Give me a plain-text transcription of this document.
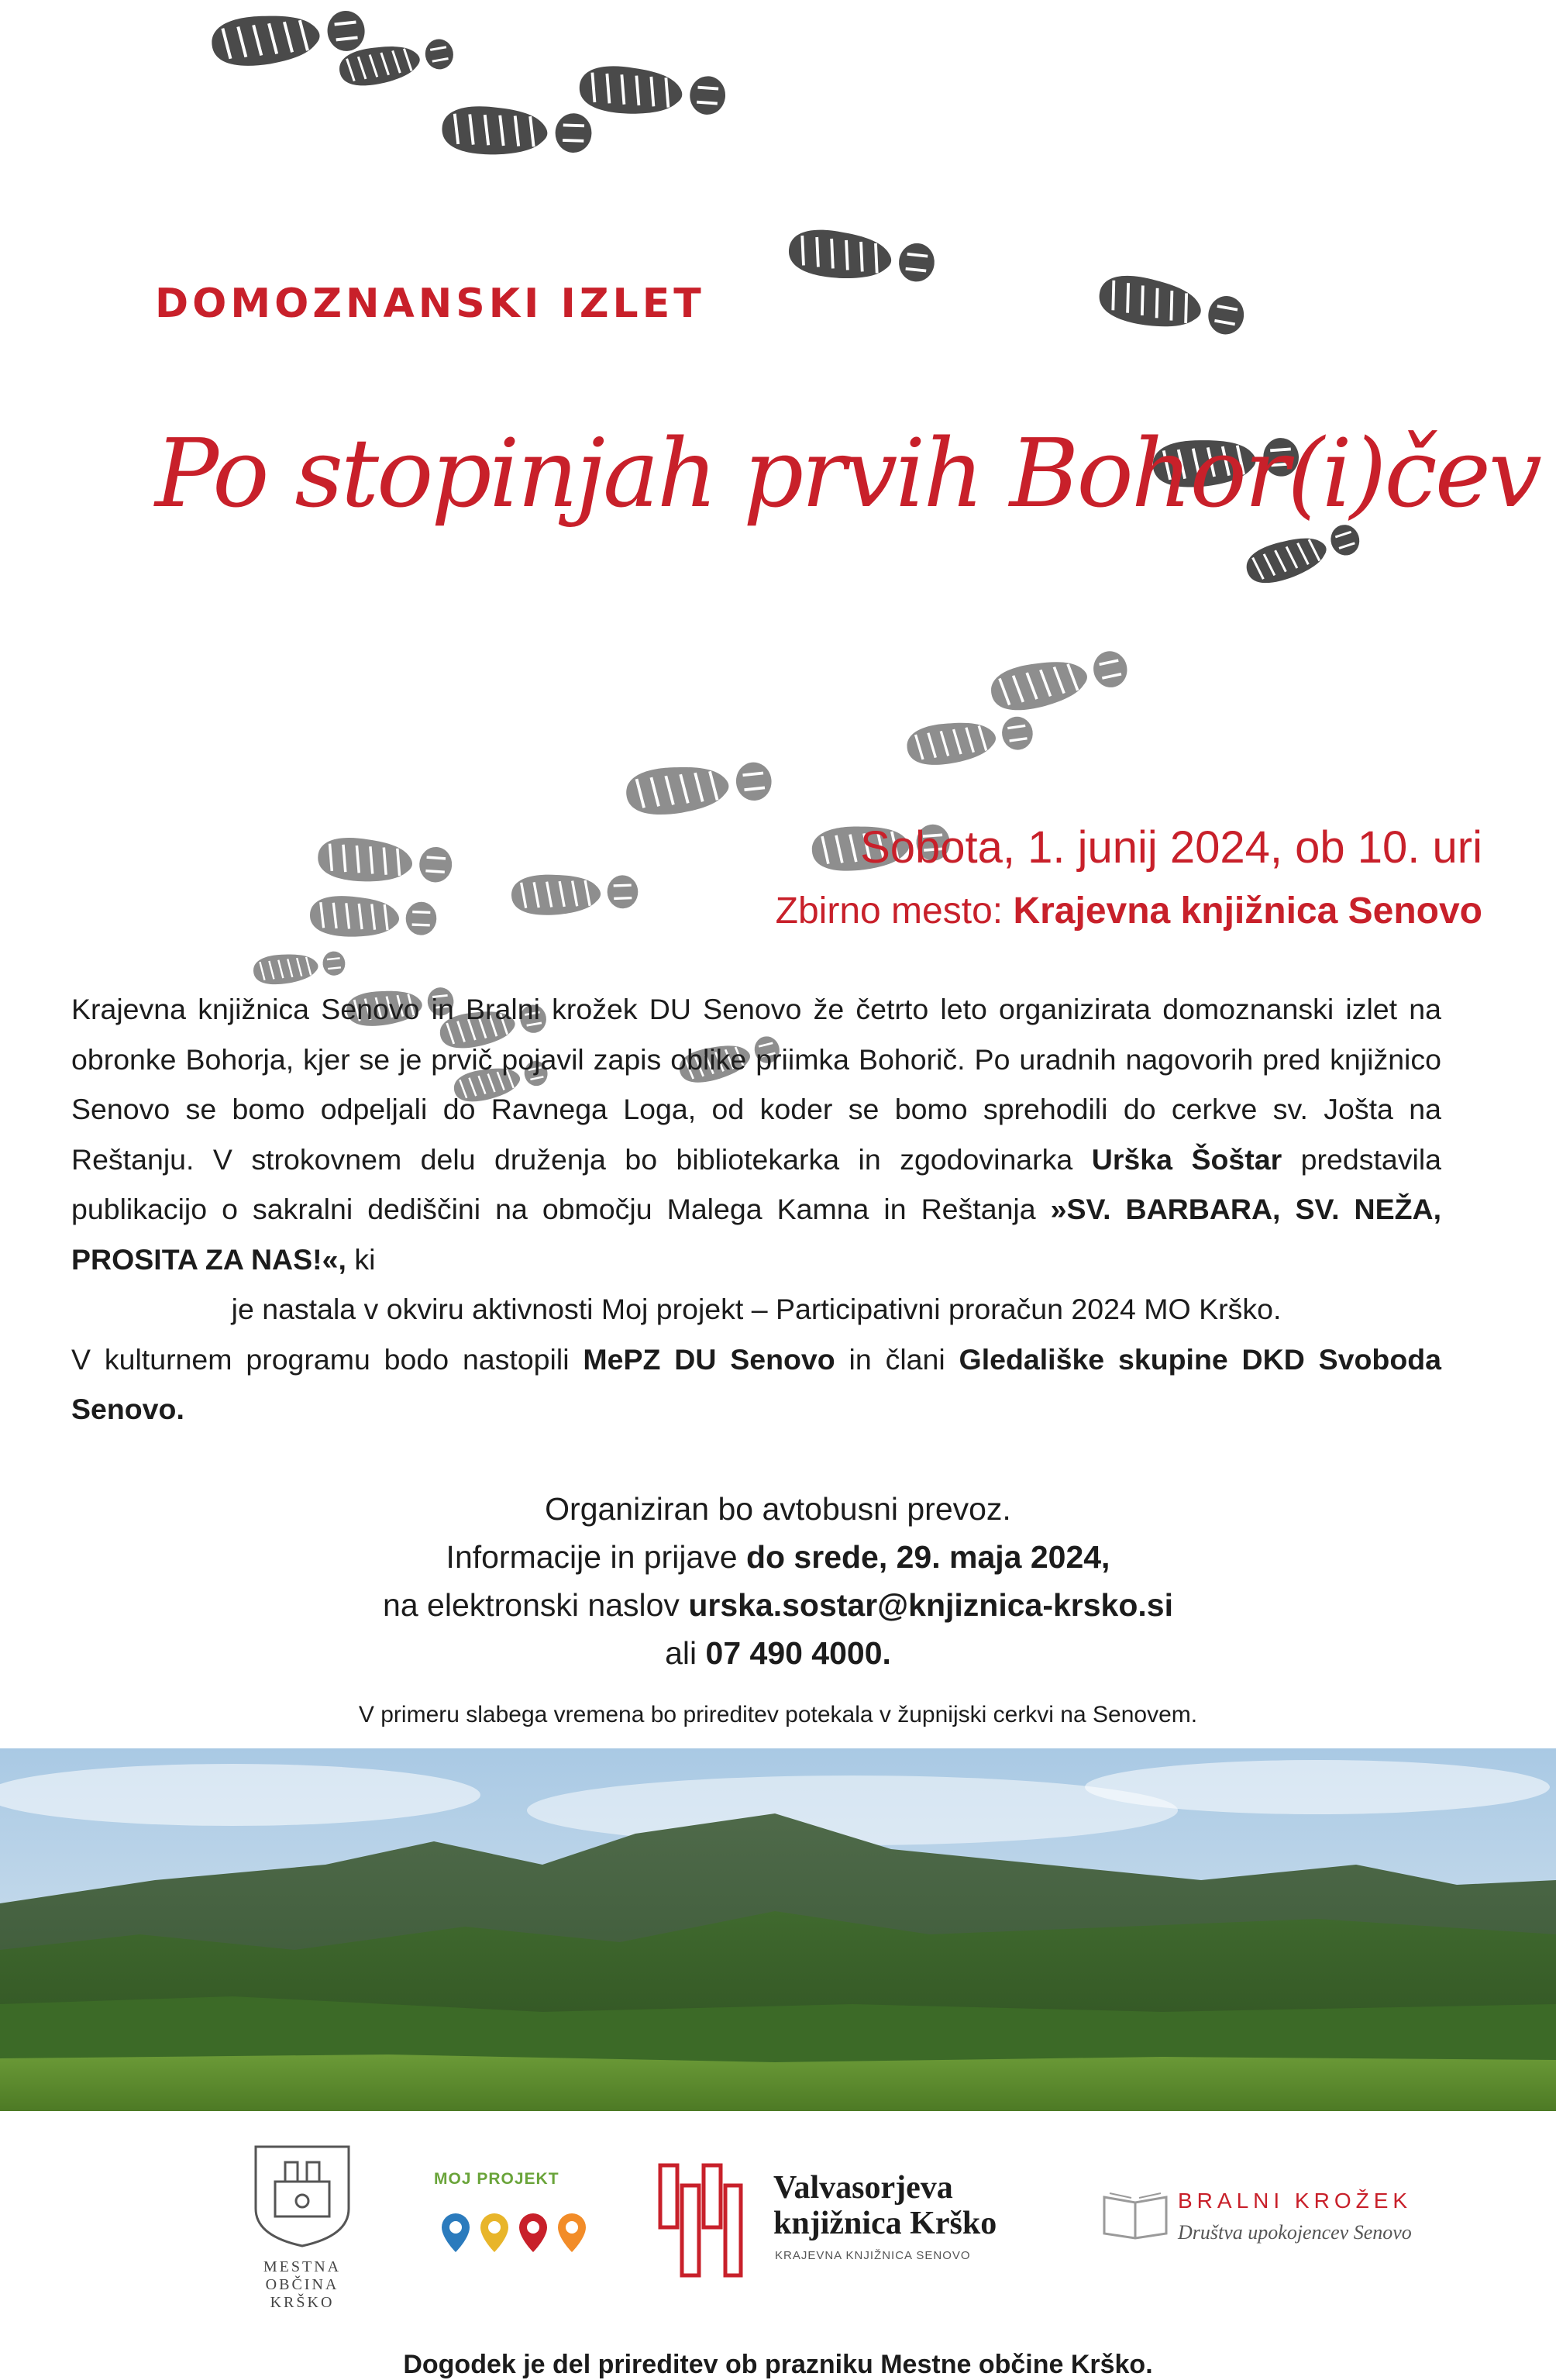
DOMOZNANSKI IZLET
Po stopinjah prvih Bohor(i)čev
Sobota, 1. junij 2024, ob 10. uri
Zbirno mesto: Krajevna knjižnica Senovo
Krajevna knjižnica Senovo in Bralni krožek DU Senovo že četrto leto organizirata domoznanski izlet na obronke Bohorja, kjer se je prvič pojavil zapis oblike priimka Bohorič. Po uradnih nagovorih pred knjižnico Senovo se bomo odpeljali do Ravnega Loga, od koder se bomo sprehodili do cerkve sv. Jošta na Reštanju. V strokovnem delu druženja bo bibliotekarka in zgodovinarka Urška Šoštar predstavila publikacijo o sakralni dediščini na območju Malega Kamna in Reštanja »SV. BARBARA, SV. NEŽA, PROSITA ZA NAS!«, ki
je nastala v okviru aktivnosti Moj projekt – Participativni proračun 2024 MO Krško.
V kulturnem programu bodo nastopili MePZ DU Senovo in člani Gledališke skupine DKD Svoboda Senovo.
Organiziran bo avtobusni prevoz.
Informacije in prijave do srede, 29. maja 2024,
na elektronski naslov urska.sostar@knjiznica-krsko.si
ali 07 490 4000.
V primeru slabega vremena bo prireditev potekala v župnijski cerkvi na Senovem.
MESTNA
OBČINA KRŠKO
MOJ PROJEKT	Valvasorjeva
knjižnica Krško
KRAJEVNA KNJIŽNICA SENOVO
BRALNI KROŽEK
Društva upokojencev Senovo
Dogodek je del prireditev ob prazniku Mestne občine Krško.
